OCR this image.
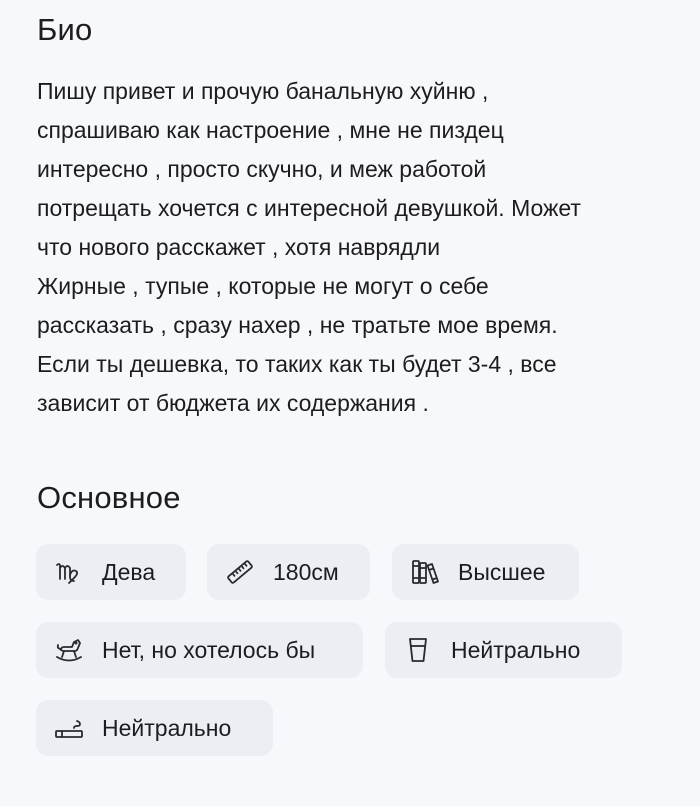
Био

Пишу привет и прочую банальную хуйню ,
спрашиваю как настроение , мне не пиздец
интересно , просто скучно, и меж работой
потрещать хочется с интересной девушкой. Может
что нового расскажет , хотя наврядли
Жирные , тупые , которые не могут о себе
рассказать , сразу нахер , не тратьте мое время.
Если ты дешевка, то таких как ты будет 3-4 , все
зависит от бюджета их содержания .

Основное
Дева	180см	Высшее
Нет, но хотелось бы	Нейтрально
Нейтрально
